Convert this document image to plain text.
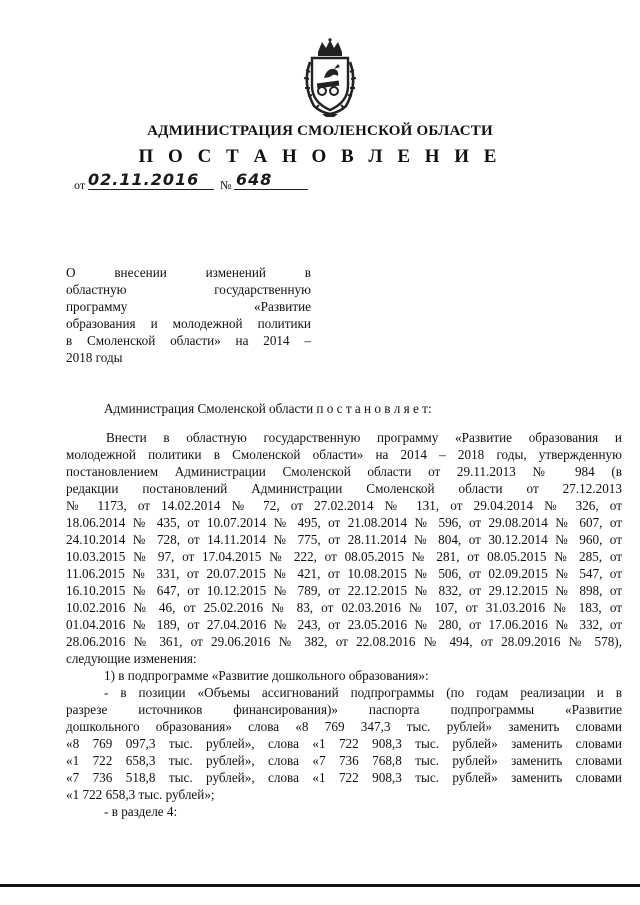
АДМИНИСТРАЦИЯ СМОЛЕНСКОЙ ОБЛАСТИ
П О С Т А Н О В Л Е Н И Е
от 02.11.2016 № 648
О внесении изменений в
областную государственную
программу «Развитие
образования и молодежной политики
в Смоленской области» на 2014 –
2018 годы
Администрация Смоленской области п о с т а н о в л я е т:
Внести в областную государственную программу «Развитие образования и
молодежной политики в Смоленской области» на 2014 – 2018 годы, утвержденную
постановлением Администрации Смоленской области от 29.11.2013 № 984 (в
редакции постановлений Администрации Смоленской области от 27.12.2013
№ 1173, от 14.02.2014 № 72, от 27.02.2014 № 131, от 29.04.2014 № 326, от
18.06.2014 № 435, от 10.07.2014 № 495, от 21.08.2014 № 596, от 29.08.2014 № 607, от
24.10.2014 № 728, от 14.11.2014 № 775, от 28.11.2014 № 804, от 30.12.2014 № 960, от
10.03.2015 № 97, от 17.04.2015 № 222, от 08.05.2015 № 281, от 08.05.2015 № 285, от
11.06.2015 № 331, от 20.07.2015 № 421, от 10.08.2015 № 506, от 02.09.2015 № 547, от
16.10.2015 № 647, от 10.12.2015 № 789, от 22.12.2015 № 832, от 29.12.2015 № 898, от
10.02.2016 № 46, от 25.02.2016 № 83, от 02.03.2016 № 107, от 31.03.2016 № 183, от
01.04.2016 № 189, от 27.04.2016 № 243, от 23.05.2016 № 280, от 17.06.2016 № 332, от
28.06.2016 № 361, от 29.06.2016 № 382, от 22.08.2016 № 494, от 28.09.2016 № 578),
следующие изменения:
1) в подпрограмме «Развитие дошкольного образования»:
- в позиции «Объемы ассигнований подпрограммы (по годам реализации и в
разрезе источников финансирования)» паспорта подпрограммы «Развитие
дошкольного образования» слова «8 769 347,3 тыс. рублей» заменить словами
«8 769 097,3 тыс. рублей», слова «1 722 908,3 тыс. рублей» заменить словами
«1 722 658,3 тыс. рублей», слова «7 736 768,8 тыс. рублей» заменить словами
«7 736 518,8 тыс. рублей», слова «1 722 908,3 тыс. рублей» заменить словами
«1 722 658,3 тыс. рублей»;
- в разделе 4:
